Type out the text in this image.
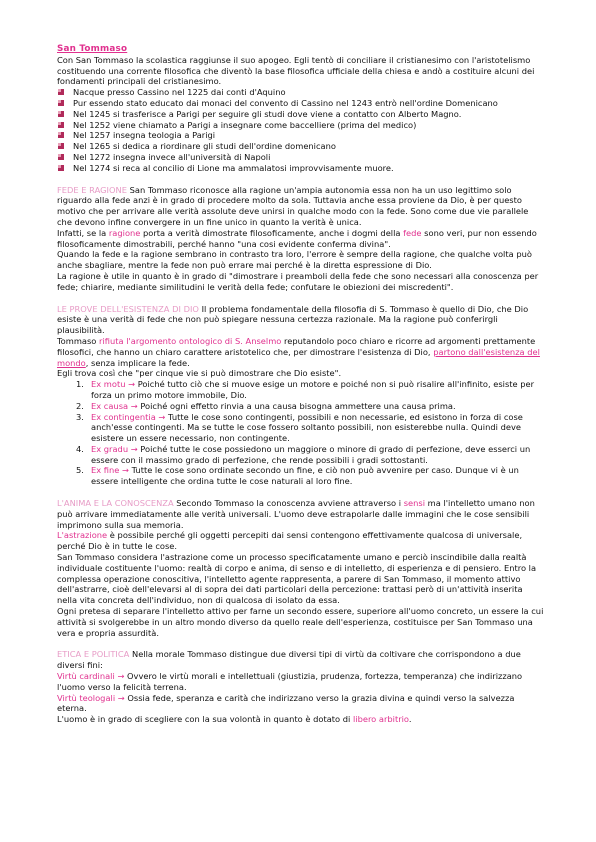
San Tommaso

Con San Tommaso la scolastica raggiunse il suo apogeo. Egli tentò di conciliare il cristianesimo con l'aristotelismo costituendo una corrente filosofica che diventò la base filosofica ufficiale della chiesa e andò a costituire alcuni dei fondamenti principali del cristianesimo.

Nacque presso Cassino nel 1225 dai conti d'Aquino
Pur essendo stato educato dai monaci del convento di Cassino nel 1243 entrò nell'ordine Domenicano
Nel 1245 si trasferisce a Parigi per seguire gli studi dove viene a contatto con Alberto Magno.
Nel 1252 viene chiamato a Parigi a insegnare come baccelliere (prima del medico)
Nel 1257 insegna teologia a Parigi
Nel 1265 si dedica a riordinare gli studi dell'ordine domenicano
Nel 1272 insegna invece all'università di Napoli
Nel 1274 si reca al concilio di Lione ma ammalatosi improvvisamente muore.

FEDE E RAGIONE San Tommaso riconosce alla ragione un'ampia autonomia essa non ha un uso legittimo solo riguardo alla fede anzi è in grado di procedere molto da sola. Tuttavia anche essa proviene da Dio, è per questo motivo che per arrivare alle verità assolute deve unirsi in qualche modo con la fede. Sono come due vie parallele che devono infine convergere in un fine unico in quanto la verità è unica.

Infatti, se la ragione porta a verità dimostrate filosoficamente, anche i dogmi della fede sono veri, pur non essendo filosoficamente dimostrabili, perché hanno "una cosi evidente conferma divina".

Quando la fede e la ragione sembrano in contrasto tra loro, l'errore è sempre della ragione, che qualche volta può anche sbagliare, mentre la fede non può errare mai perché è la diretta espressione di Dio.

La ragione è utile in quanto è in grado di "dimostrare i preamboli della fede che sono necessari alla conoscenza per fede; chiarire, mediante similitudini le verità della fede; confutare le obiezioni dei miscredenti".

LE PROVE DELL'ESISTENZA DI DIO Il problema fondamentale della filosofia di S. Tommaso è quello di Dio, che Dio esiste è una verità di fede che non può spiegare nessuna certezza razionale. Ma la ragione può conferirgli plausibilità.

Tommaso rifiuta l'argomento ontologico di S. Anselmo reputandolo poco chiaro e ricorre ad argomenti prettamente filosofici, che hanno un chiaro carattere aristotelico che, per dimostrare l'esistenza di Dio, partono dall'esistenza del mondo, senza implicare la fede.

Egli trova così che "per cinque vie si può dimostrare che Dio esiste".

1. Ex motu → Poiché tutto ciò che si muove esige un motore e poiché non si può risalire all'infinito, esiste per forza un primo motore immobile, Dio.
2. Ex causa → Poiché ogni effetto rinvia a una causa bisogna ammettere una causa prima.
3. Ex contingentia → Tutte le cose sono contingenti, possibili e non necessarie, ed esistono in forza di cose anch'esse contingenti. Ma se tutte le cose fossero soltanto possibili, non esisterebbe nulla. Quindi deve esistere un essere necessario, non contingente.
4. Ex gradu → Poiché tutte le cose possiedono un maggiore o minore di grado di perfezione, deve esserci un essere con il massimo grado di perfezione, che rende possibili i gradi sottostanti.
5. Ex fine → Tutte le cose sono ordinate secondo un fine, e ciò non può avvenire per caso. Dunque vi è un essere intelligente che ordina tutte le cose naturali al loro fine.

L'ANIMA E LA CONOSCENZA Secondo Tommaso la conoscenza avviene attraverso i sensi ma l'intelletto umano non può arrivare immediatamente alle verità universali. L'uomo deve estrapolarle dalle immagini che le cose sensibili imprimono sulla sua memoria.

L'astrazione è possibile perché gli oggetti percepiti dai sensi contengono effettivamente qualcosa di universale, perché Dio è in tutte le cose.

San Tommaso considera l'astrazione come un processo specificatamente umano e perciò inscindibile dalla realtà individuale costituente l'uomo: realtà di corpo e anima, di senso e di intelletto, di esperienza e di pensiero. Entro la complessa operazione conoscitiva, l'intelletto agente rappresenta, a parere di San Tommaso, il momento attivo dell'astrarre, cioè dell'elevarsi al di sopra dei dati particolari della percezione: trattasi però di un'attività inserita nella vita concreta dell'individuo, non di qualcosa di isolato da essa.

Ogni pretesa di separare l'intelletto attivo per farne un secondo essere, superiore all'uomo concreto, un essere la cui attività si svolgerebbe in un altro mondo diverso da quello reale dell'esperienza, costituisce per San Tommaso una vera e propria assurdità.

ETICA E POLITICA Nella morale Tommaso distingue due diversi tipi di virtù da coltivare che corrispondono a due diversi fini:

Virtù cardinali → Ovvero le virtù morali e intellettuali (giustizia, prudenza, fortezza, temperanza) che indirizzano l'uomo verso la felicità terrena.

Virtù teologali → Ossia fede, speranza e carità che indirizzano verso la grazia divina e quindi verso la salvezza eterna.

L'uomo è in grado di scegliere con la sua volontà in quanto è dotato di libero arbitrio.
